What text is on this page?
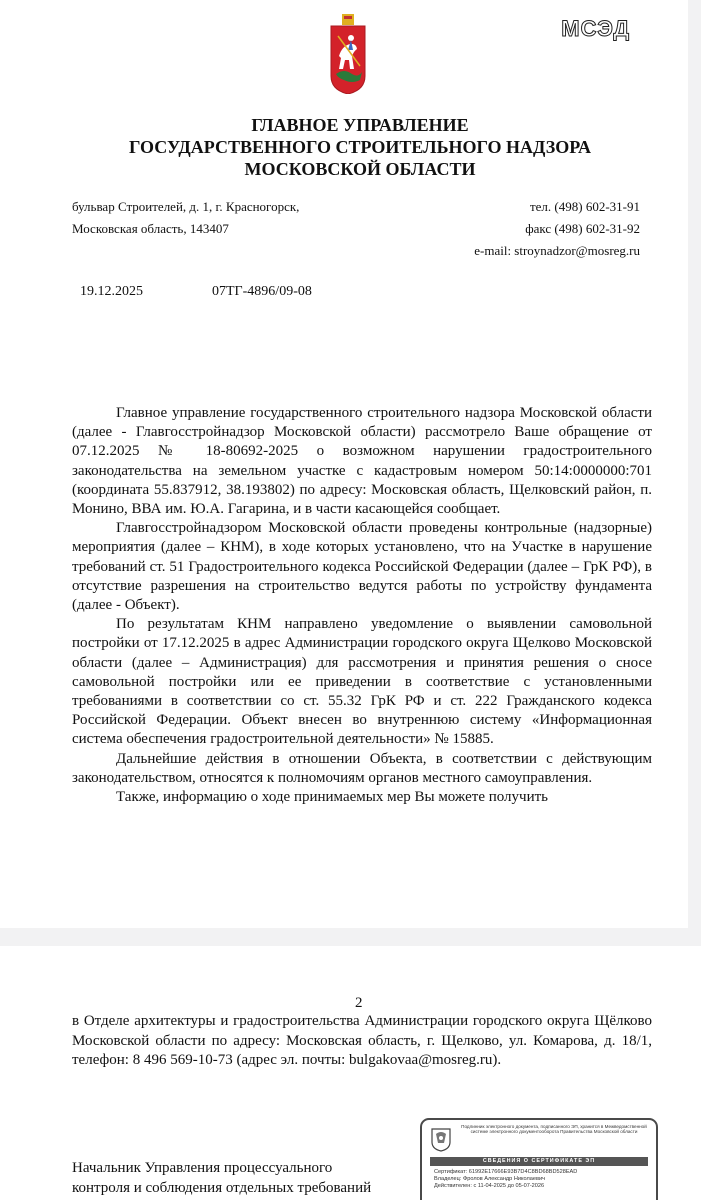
МСЭД
ГЛАВНОЕ УПРАВЛЕНИЕ
ГОСУДАРСТВЕННОГО СТРОИТЕЛЬНОГО НАДЗОРА
МОСКОВСКОЙ ОБЛАСТИ
бульвар Строителей, д. 1, г. Красногорск,
Московская область, 143407
тел. (498) 602-31-91
факс (498) 602-31-92
e-mail: stroynadzor@mosreg.ru
19.12.2025	07ТГ-4896/09-08

Главное управление государственного строительного надзора Московской области (далее - Главгосстройнадзор Московской области) рассмотрело Ваше обращение от 07.12.2025 № 18-80692-2025 о возможном нарушении градостроительного законодательства на земельном участке с кадастровым номером 50:14:0000000:701 (координата 55.837912, 38.193802) по адресу: Московская область, Щелковский район, п. Монино, ВВА им. Ю.А. Гагарина, и в части касающейся сообщает.

Главгосстройнадзором Московской области проведены контрольные (надзорные) мероприятия (далее – КНМ), в ходе которых установлено, что на Участке в нарушение требований ст. 51 Градостроительного кодекса Российской Федерации (далее – ГрК РФ), в отсутствие разрешения на строительство ведутся работы по устройству фундамента (далее - Объект).

По результатам КНМ направлено уведомление о выявлении самовольной постройки от 17.12.2025 в адрес Администрации городского округа Щелково Московской области (далее – Администрация) для рассмотрения и принятия решения о сносе самовольной постройки или ее приведении в соответствие с установленными требованиями в соответствии со ст. 55.32 ГрК РФ и ст. 222 Гражданского кодекса Российской Федерации. Объект внесен во внутреннюю систему «Информационная система обеспечения градостроительной деятельности» № 15885.

Дальнейшие действия в отношении Объекта, в соответствии с действующим законодательством, относятся к полномочиям органов местного самоуправления.

Также, информацию о ходе принимаемых мер Вы можете получить

2

в Отделе архитектуры и градостроительства Администрации городского округа Щёлково Московской области по адресу: Московская область, г. Щелково, ул. Комарова, д. 18/1, телефон: 8 496 569-10-73 (адрес эл. почты: bulgakovaa@mosreg.ru).

Начальник Управления процессуального
контроля и соблюдения отдельных требований
Подлинник электронного документа, подписанного ЭП, хранится в Межведомственной системе электронного документооборота Правительства Московской области
СВЕДЕНИЯ О СЕРТИФИКАТЕ ЭП
Сертификат: 61992E17666E93B7D4C8BD68BD528EAD
Владелец: Фролов Александр Николаевич
Действителен: с 11-04-2025 до 05-07-2026
